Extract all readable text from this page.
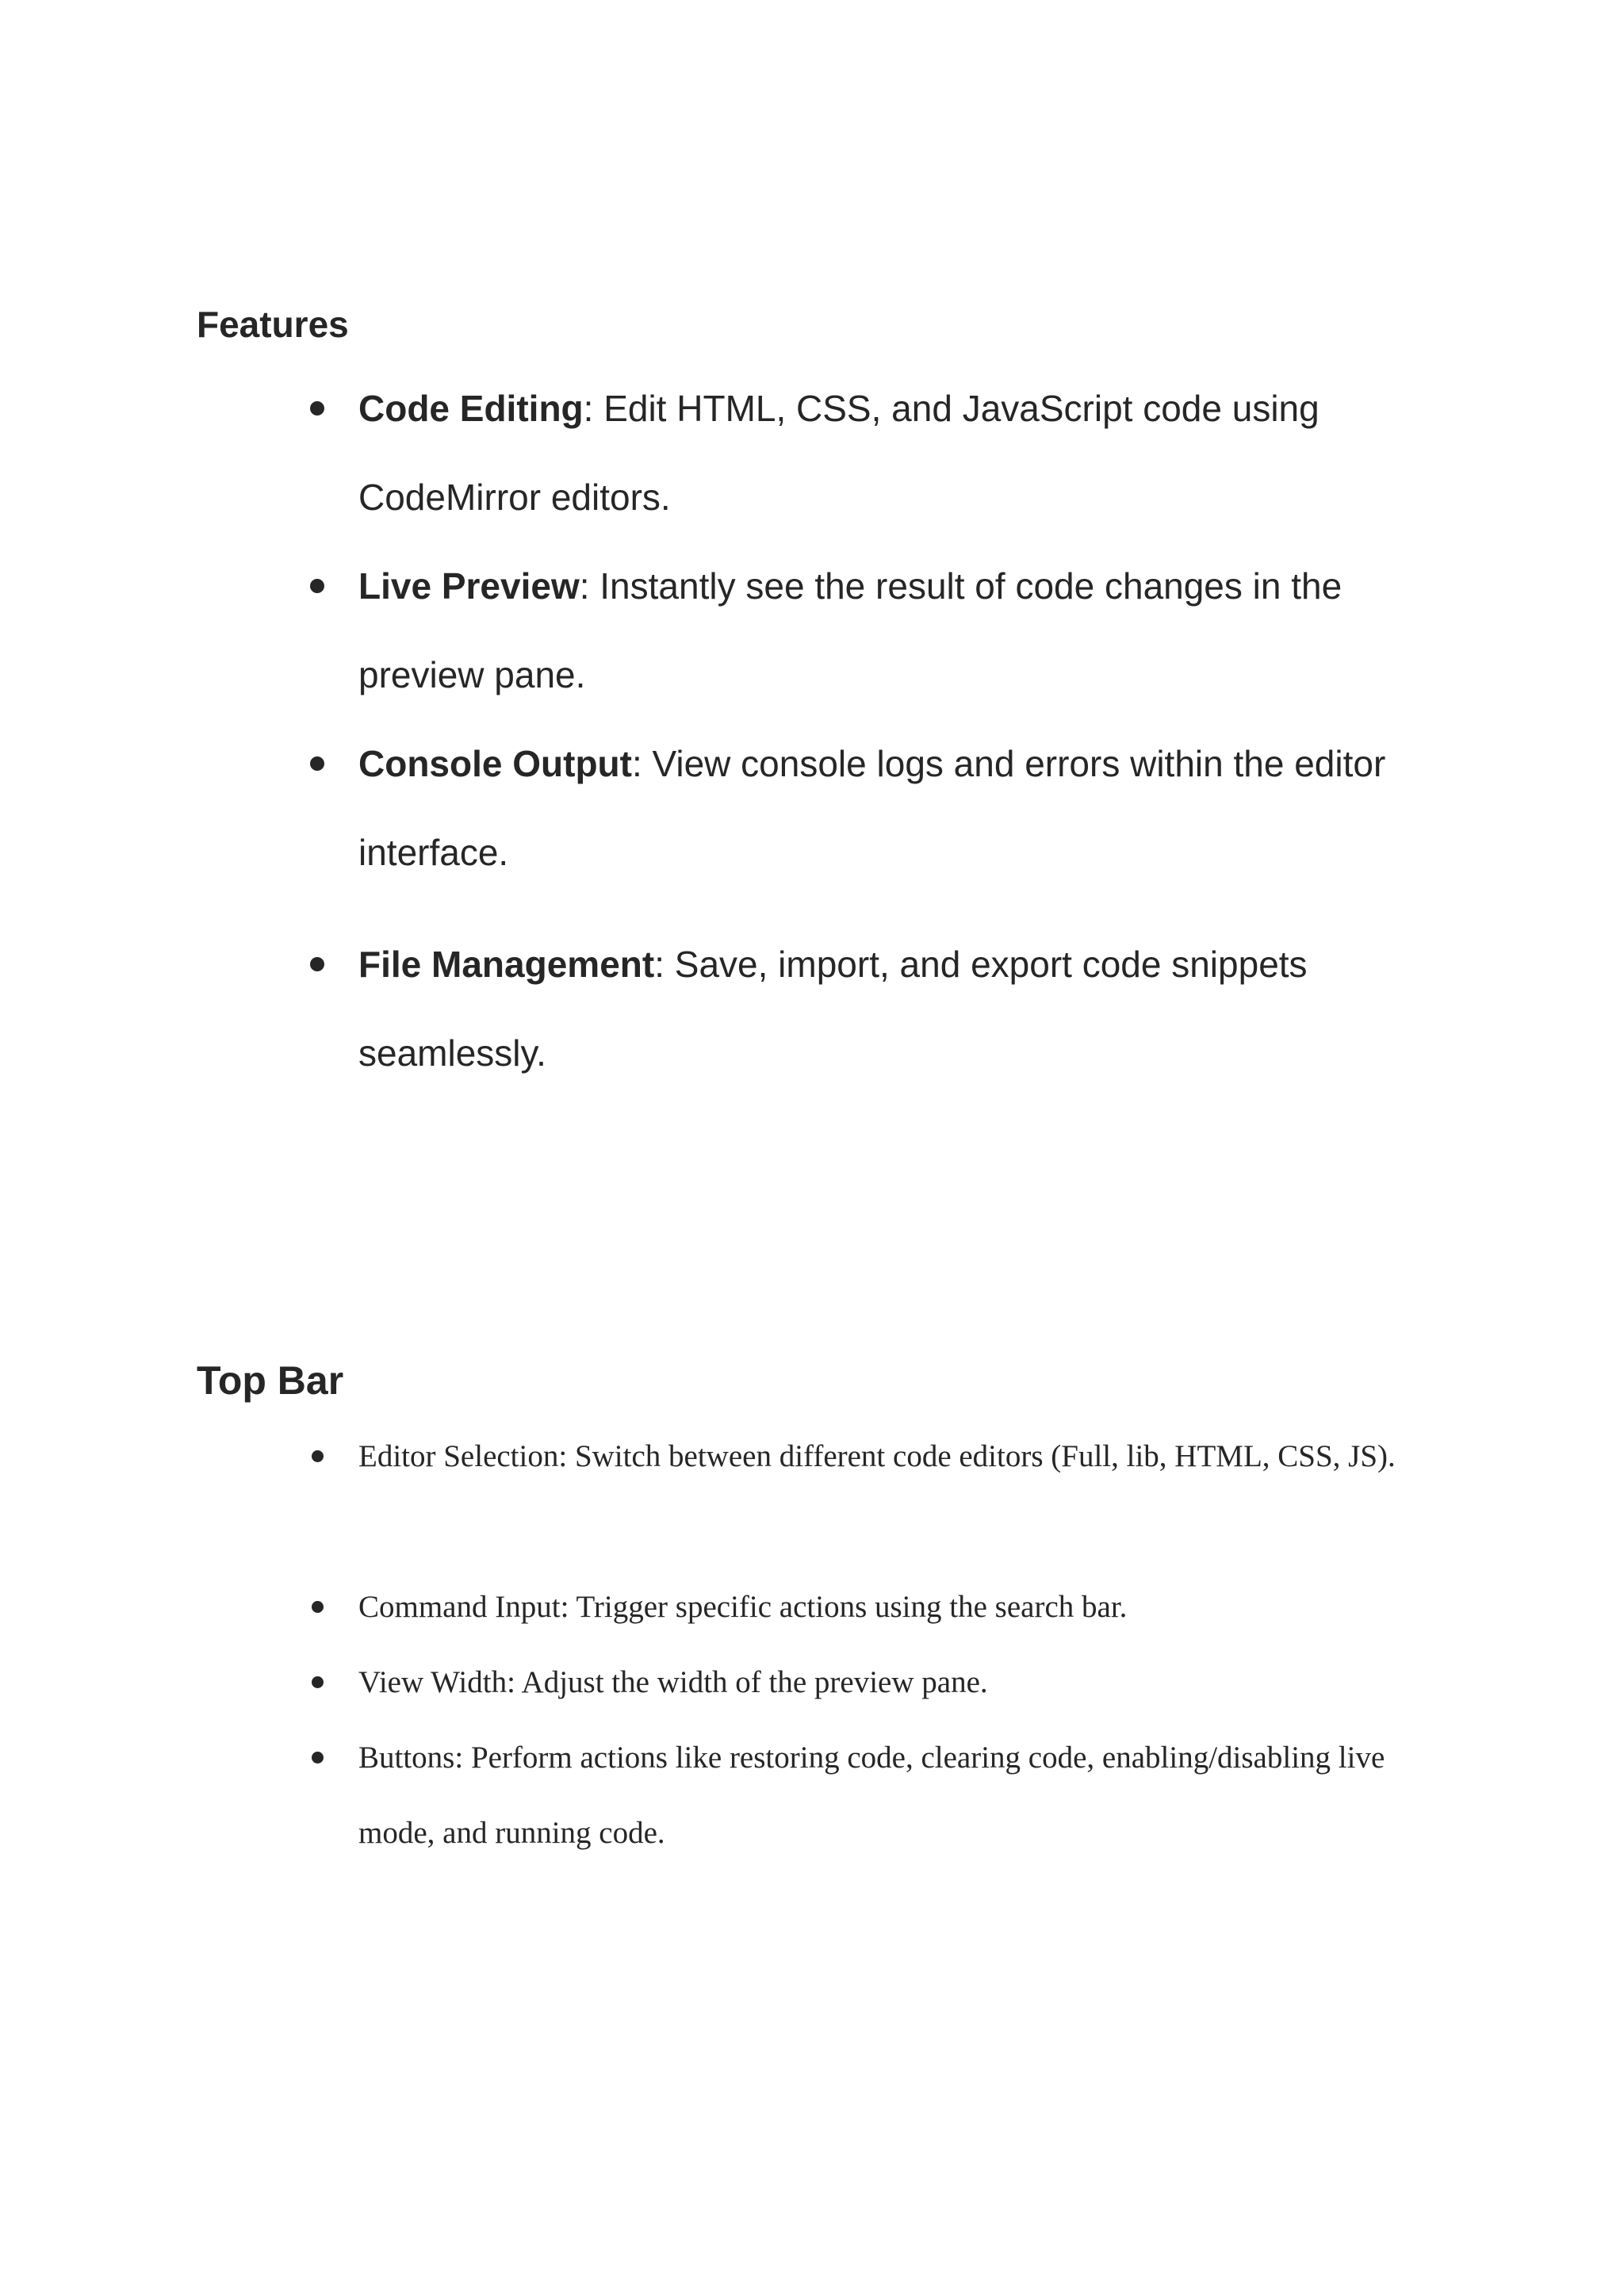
Features
Code Editing: Edit HTML, CSS, and JavaScript code using CodeMirror editors.
Live Preview: Instantly see the result of code changes in the preview pane.
Console Output: View console logs and errors within the editor interface.
File Management: Save, import, and export code snippets seamlessly.
Top Bar
Editor Selection: Switch between different code editors (Full, lib, HTML, CSS, JS).
Command Input: Trigger specific actions using the search bar.
View Width: Adjust the width of the preview pane.
Buttons: Perform actions like restoring code, clearing code, enabling/disabling live mode, and running code.
